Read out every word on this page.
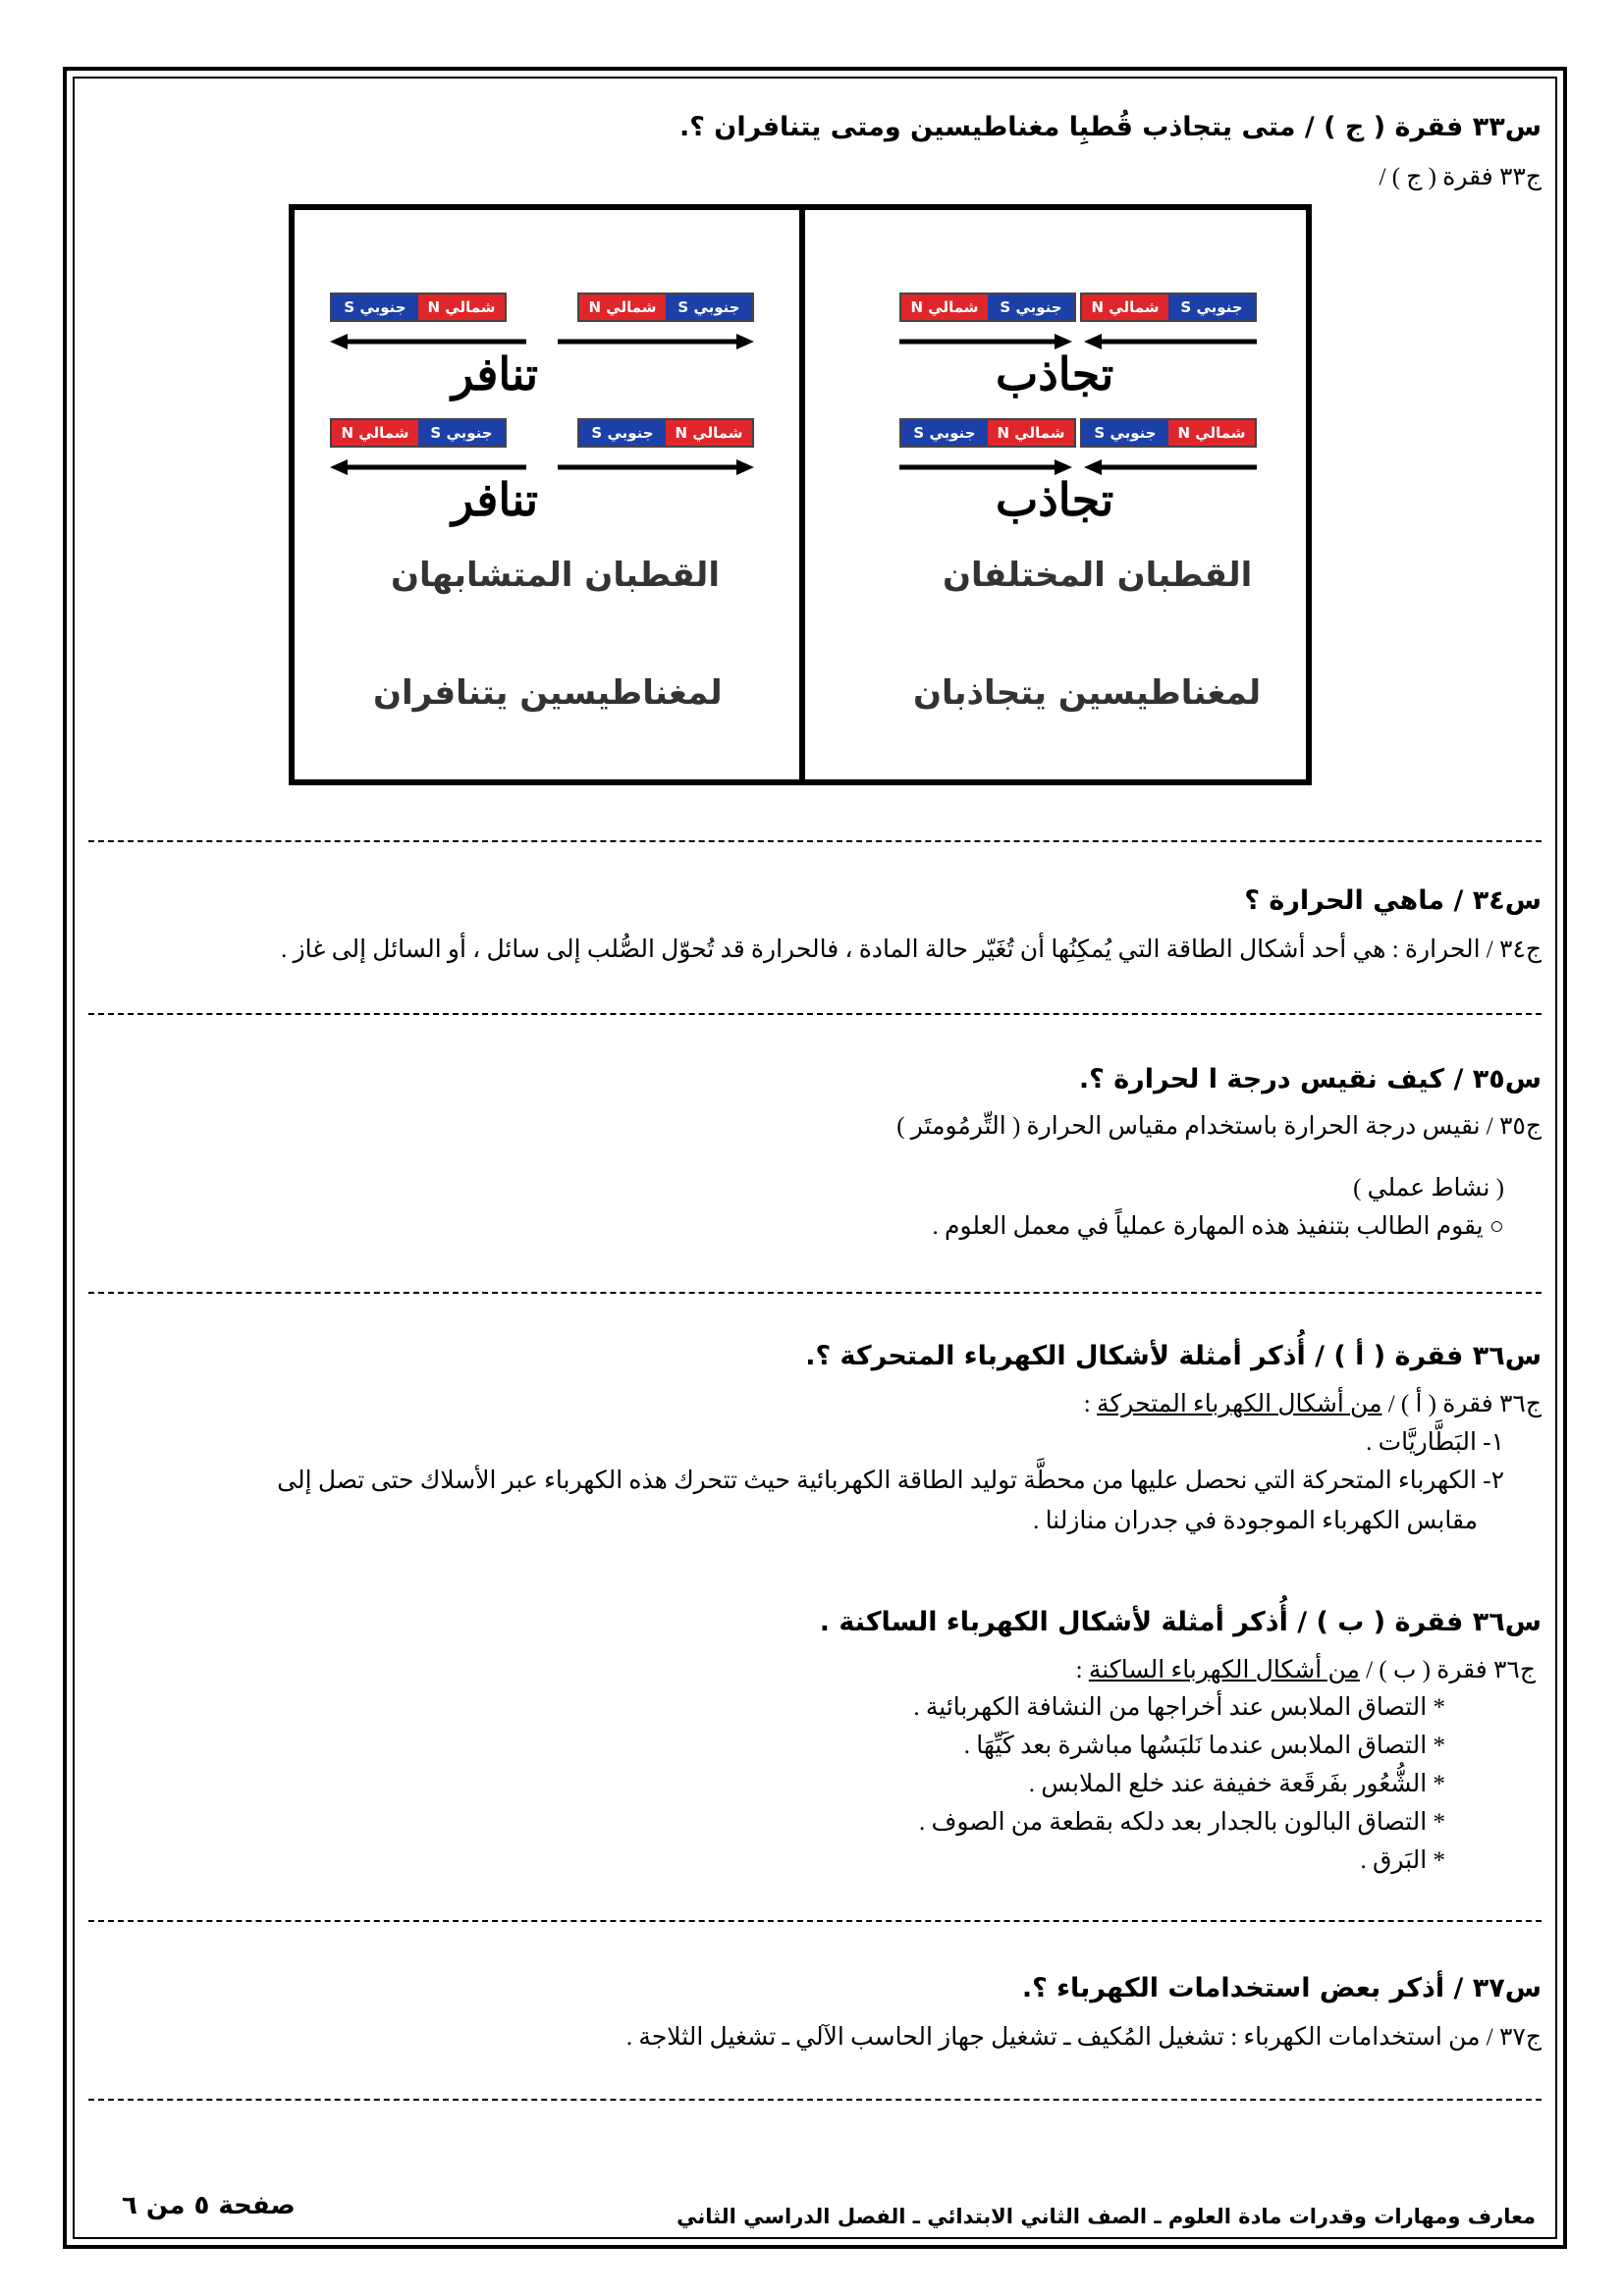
س٣٣ فقرة ( ج ) / متى يتجاذب قُطبِا مغناطيسين ومتى يتنافران ؟.
ج٣٣ فقرة ( ج ) /
س٣٤ / ماهي الحرارة ؟
ج٣٤ / الحرارة : هي أحد أشكال الطاقة التي يُمكِنُها أن تُغَيّر حالة المادة ، فالحرارة قد تُحوّل الصُّلب إلى سائل ، أو السائل إلى غاز .
س٣٥ / كيف نقيس درجة ا لحرارة ؟.
ج٣٥ / نقيس درجة الحرارة باستخدام مقياس الحرارة ( التِّرمُومتَر )
( نشاط عملي )
○ يقوم الطالب بتنفيذ هذه المهارة عملياً في معمل العلوم .
س٣٦ فقرة ( أ ) / أُذكر أمثلة لأشكال الكهرباء المتحركة ؟.
ج٣٦ فقرة ( أ ) / من أشكال الكهرباء المتحركة :
١- البَطَّاريَّات .
٢- الكهرباء المتحركة التي نحصل عليها من محطَّة توليد الطاقة الكهربائية حيث تتحرك هذه الكهرباء عبر الأسلاك حتى تصل إلى
مقابس الكهرباء الموجودة في جدران منازلنا .
س٣٦ فقرة ( ب ) / أُذكر أمثلة لأشكال الكهرباء الساكنة .
ج٣٦ فقرة ( ب ) / من أشكال الكهرباء الساكنة :
* التصاق الملابس عند أخراجها من النشافة الكهربائية .
* التصاق الملابس عندما نَلبَسُها مباشرة بعد كَيِّهَا .
* الشُّعُور بفَرقَعة خفيفة عند خلع الملابس .
* التصاق البالون بالجدار بعد دلكه بقطعة من الصوف .
* البَرق .
س٣٧ / أذكر بعض استخدامات الكهرباء ؟.
ج٣٧ / من استخدامات الكهرباء : تشغيل المُكيف ـ تشغيل جهاز الحاسب الآلي ـ تشغيل الثلاجة .
S جنوبي	N شمالي	N شمالي	S جنوبي
تنافر
N شمالي	S جنوبي	S جنوبي	N شمالي
تنافر
القطبان المتشابهان
لمغناطيسين يتنافران
N شمالي	S جنوبي	N شمالي	S جنوبي
تجاذب
S جنوبي	N شمالي	S جنوبي	N شمالي
تجاذب
القطبان المختلفان
لمغناطيسين يتجاذبان
صفحة ٥ من ٦	معارف ومهارات وقدرات مادة العلوم ـ الصف الثاني الابتدائي ـ الفصل الدراسي الثاني
